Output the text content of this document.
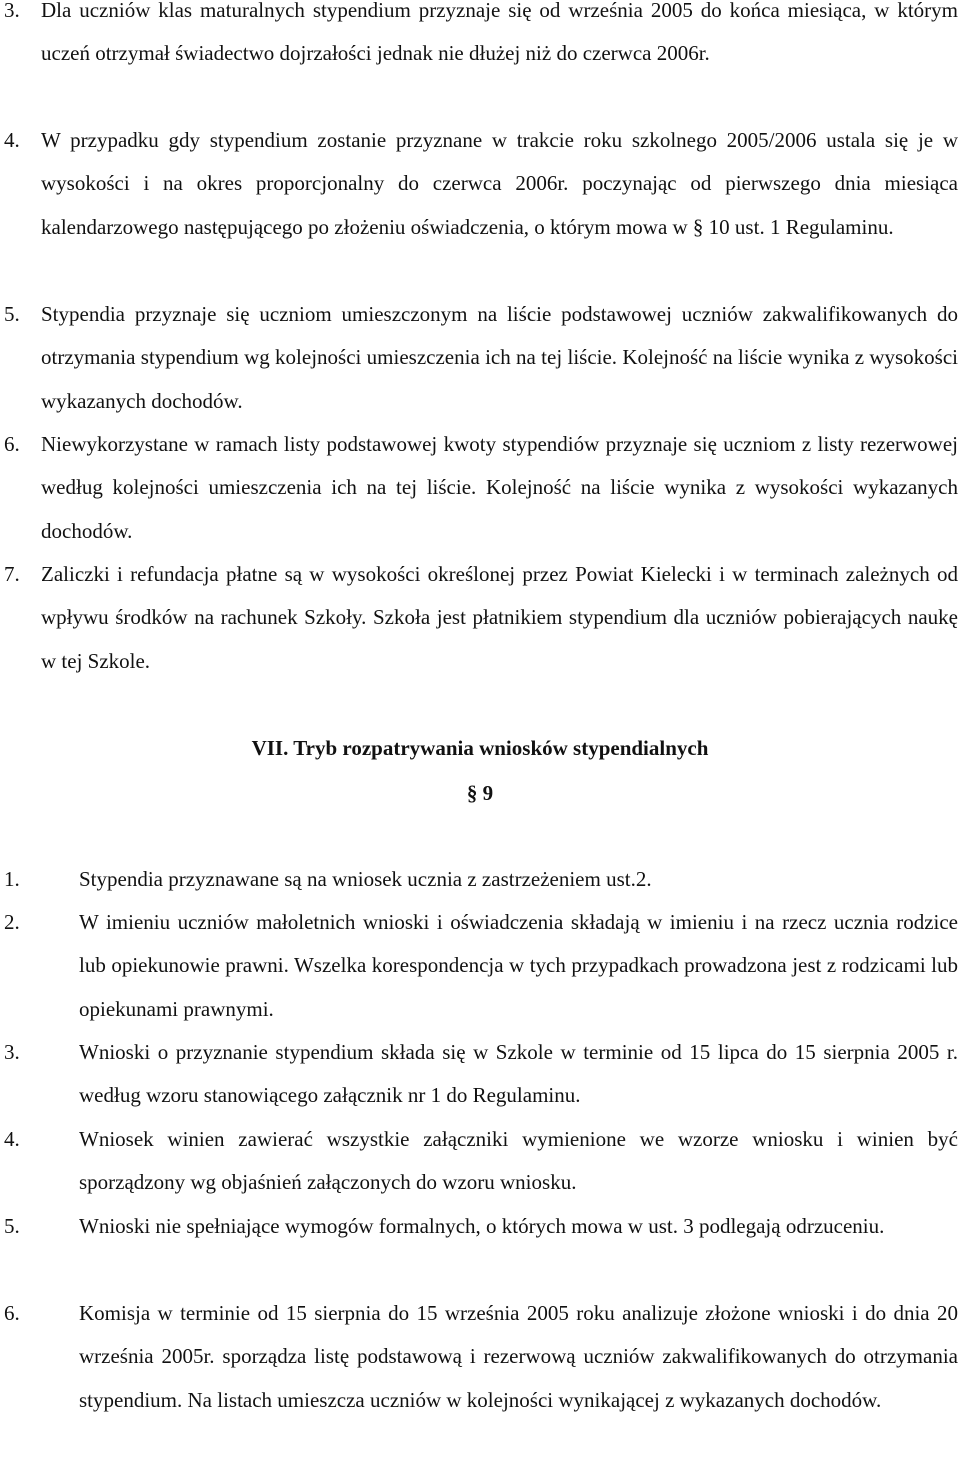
3. Dla uczniów klas maturalnych stypendium przyznaje się od września 2005 do końca miesiąca, w którym uczeń otrzymał świadectwo dojrzałości jednak nie dłużej niż do czerwca 2006r.
4. W przypadku gdy stypendium zostanie przyznane w trakcie roku szkolnego 2005/2006 ustala się je w wysokości i na okres proporcjonalny do czerwca 2006r. poczynając od pierwszego dnia miesiąca kalendarzowego następującego po złożeniu oświadczenia, o którym mowa w § 10 ust. 1 Regulaminu.
5. Stypendia przyznaje się uczniom umieszczonym na liście podstawowej uczniów zakwalifikowanych do otrzymania stypendium wg kolejności umieszczenia ich na tej liście. Kolejność na liście wynika z wysokości wykazanych dochodów.
6. Niewykorzystane w ramach listy podstawowej kwoty stypendiów przyznaje się uczniom z listy rezerwowej według kolejności umieszczenia ich na tej liście. Kolejność na liście wynika z wysokości wykazanych dochodów.
7. Zaliczki i refundacja płatne są w wysokości określonej przez Powiat Kielecki i w terminach zależnych od wpływu środków na rachunek Szkoły. Szkoła jest płatnikiem stypendium dla uczniów pobierających naukę w tej Szkole.
VII. Tryb rozpatrywania wniosków stypendialnych
§ 9
1.	Stypendia przyznawane są na wniosek ucznia z zastrzeżeniem ust.2.
2.	W imieniu uczniów małoletnich wnioski i oświadczenia składają w imieniu i na rzecz ucznia rodzice lub opiekunowie prawni. Wszelka korespondencja w tych przypadkach prowadzona jest z rodzicami lub opiekunami prawnymi.
3.	Wnioski o przyznanie stypendium składa się w Szkole w terminie od 15 lipca do 15 sierpnia 2005 r. według wzoru stanowiącego załącznik nr 1 do Regulaminu.
4.	Wniosek winien zawierać wszystkie załączniki wymienione we wzorze wniosku i winien być sporządzony wg objaśnień załączonych do wzoru wniosku.
5.	Wnioski nie spełniające wymogów formalnych, o których mowa w ust. 3 podlegają odrzuceniu.
6.	Komisja w terminie od 15 sierpnia do 15 września 2005 roku analizuje złożone wnioski i do dnia 20 września 2005r. sporządza listę podstawową i rezerwową uczniów zakwalifikowanych do otrzymania stypendium. Na listach umieszcza uczniów w kolejności wynikającej z wykazanych dochodów.
